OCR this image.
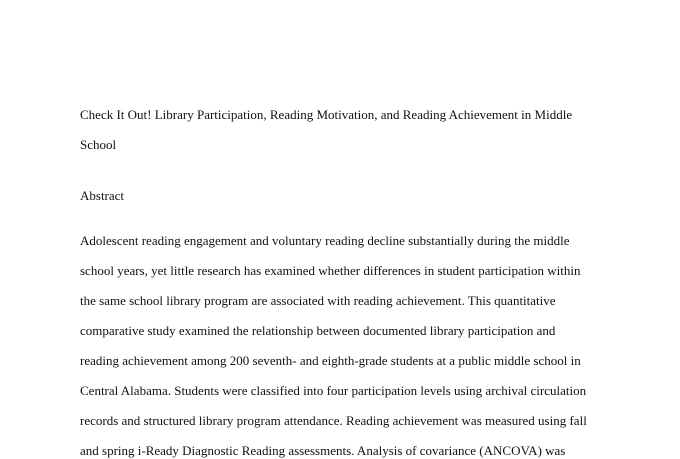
Check It Out! Library Participation, Reading Motivation, and Reading Achievement in Middle
School
Abstract
Adolescent reading engagement and voluntary reading decline substantially during the middle
school years, yet little research has examined whether differences in student participation within
the same school library program are associated with reading achievement. This quantitative
comparative study examined the relationship between documented library participation and
reading achievement among 200 seventh- and eighth-grade students at a public middle school in
Central Alabama. Students were classified into four participation levels using archival circulation
records and structured library program attendance. Reading achievement was measured using fall
and spring i-Ready Diagnostic Reading assessments. Analysis of covariance (ANCOVA) was
